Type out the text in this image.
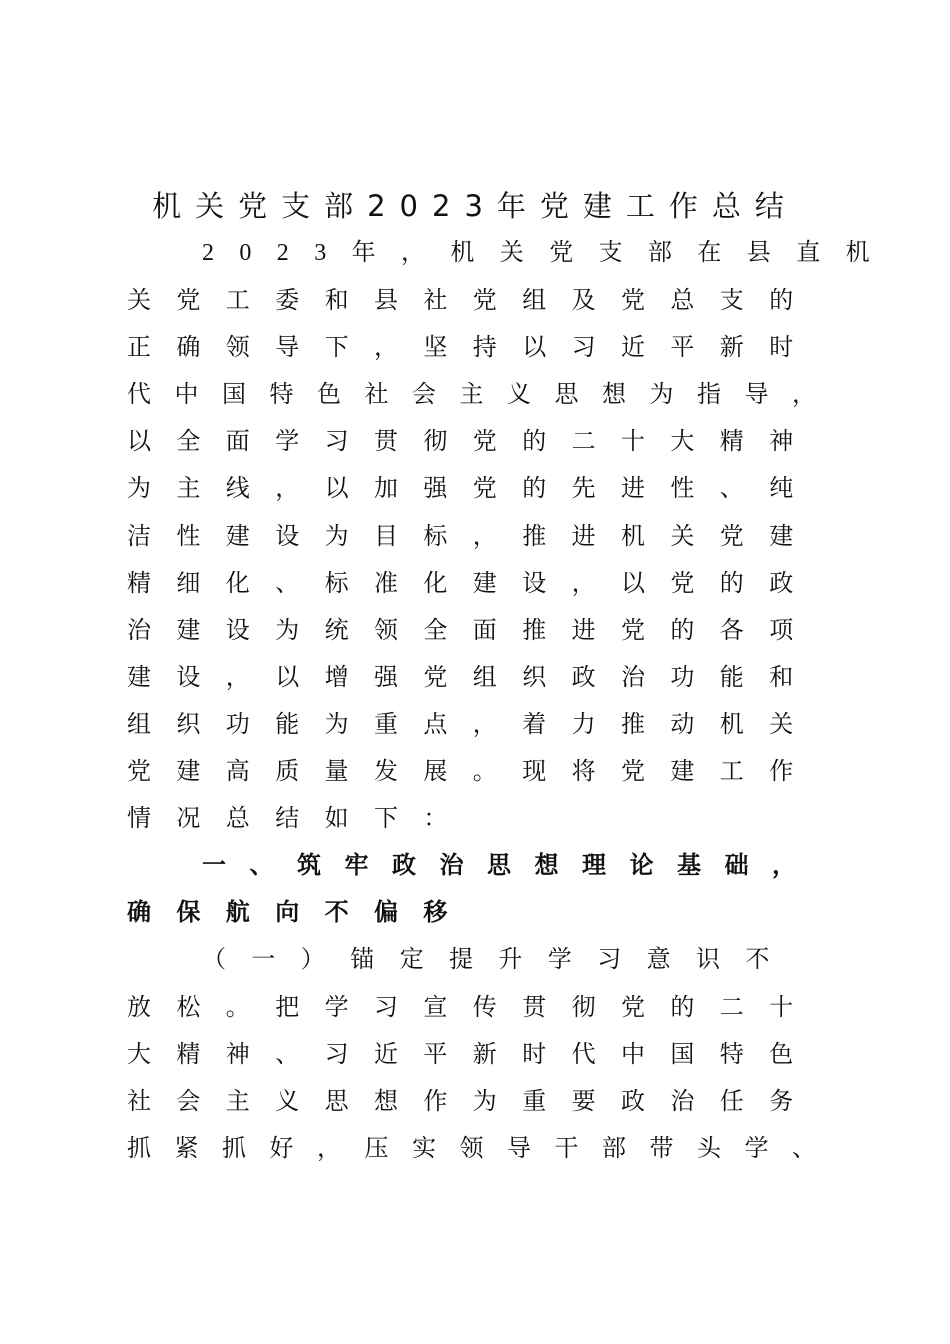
机关党支部2023年党建工作总结
2023年，机关党支部在县直机
关党工委和县社党组及党总支的
正确领导下，坚持以习近平新时
代中国特色社会主义思想为指导，
以全面学习贯彻党的二十大精神
为主线，以加强党的先进性、纯
洁性建设为目标，推进机关党建
精细化、标准化建设，以党的政
治建设为统领全面推进党的各项
建设，以增强党组织政治功能和
组织功能为重点，着力推动机关
党建高质量发展。现将党建工作
情况总结如下：
一、筑牢政治思想理论基础，
确保航向不偏移
（一）锚定提升学习意识不
放松。把学习宣传贯彻党的二十
大精神、习近平新时代中国特色
社会主义思想作为重要政治任务
抓紧抓好，压实领导干部带头学、
